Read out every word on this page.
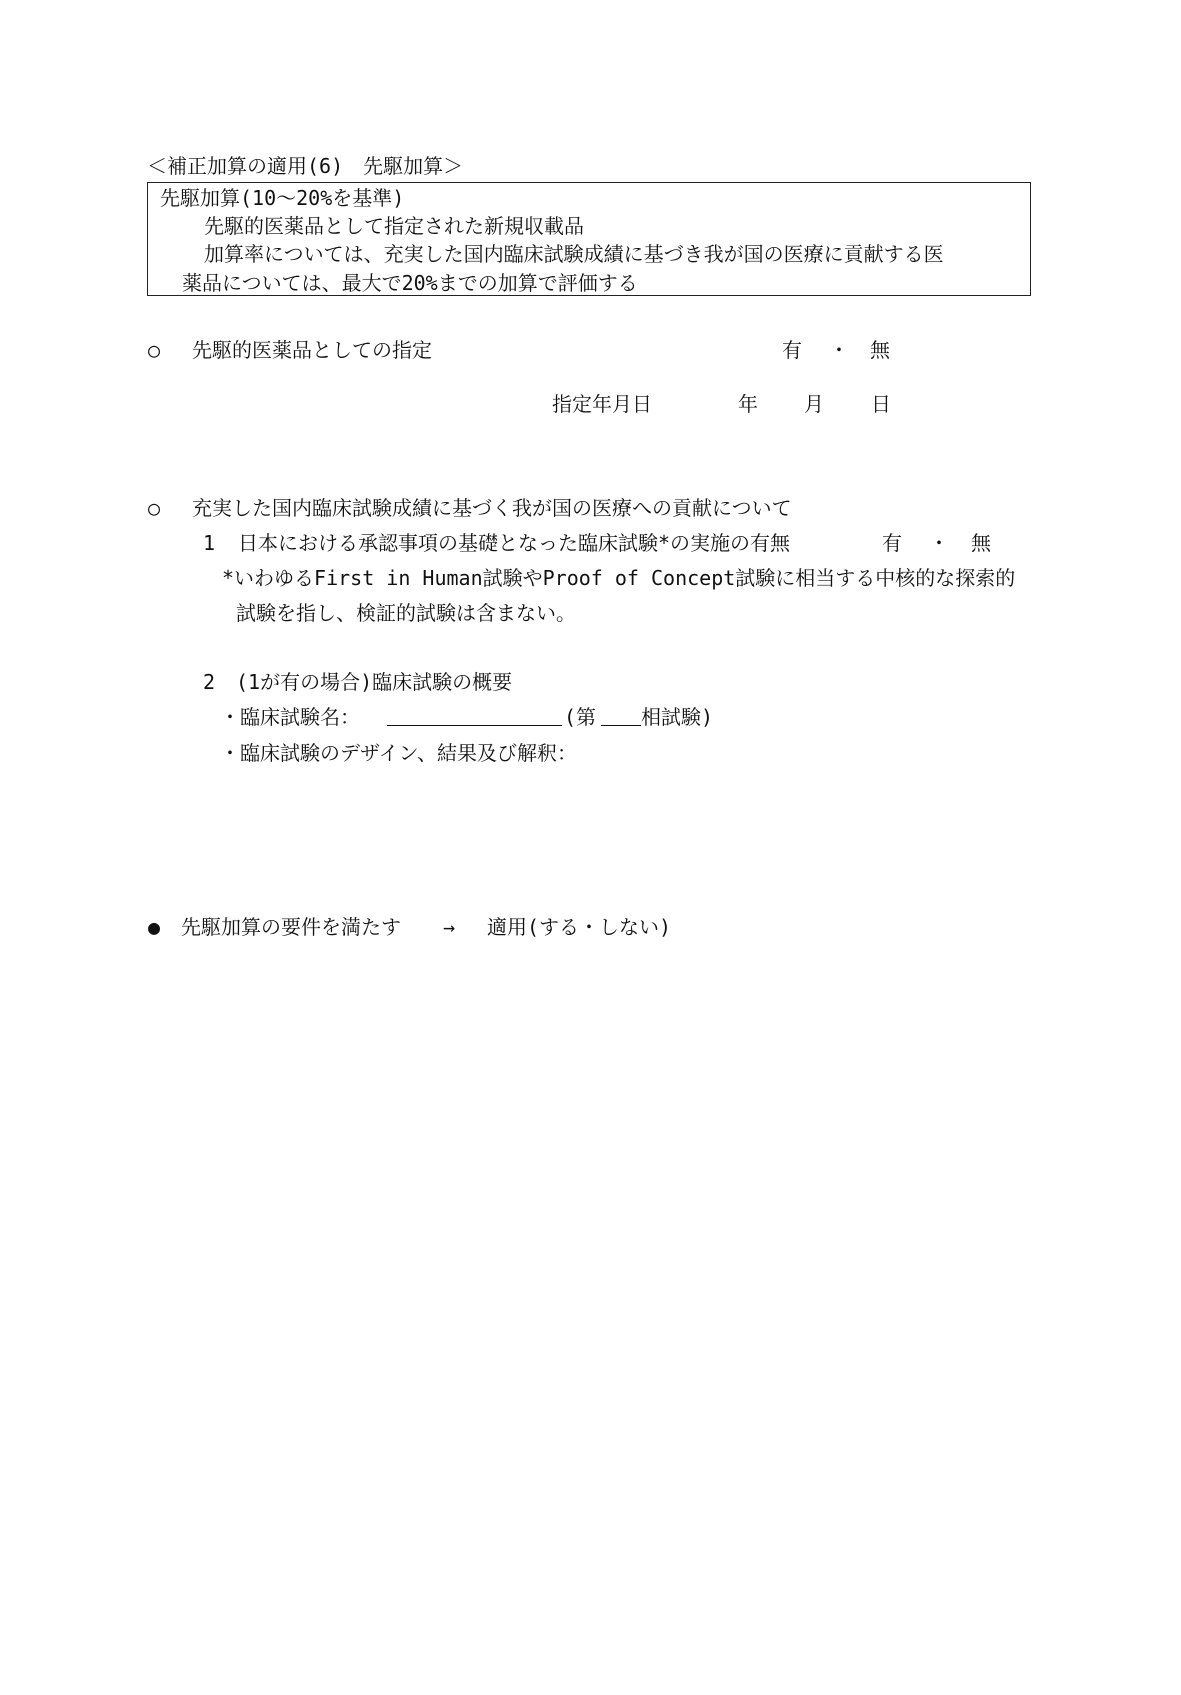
＜補正加算の適用(6)　先駆加算＞
先駆加算(10～20%を基準)
先駆的医薬品として指定された新規収載品
加算率については、充実した国内臨床試験成績に基づき我が国の医療に貢献する医
薬品については、最大で20%までの加算で評価する
○ 先駆的医薬品としての指定	有 ・ 無
指定年月日	年 月 日
○ 充実した国内臨床試験成績に基づく我が国の医療への貢献について
1 日本における承認事項の基礎となった臨床試験*の実施の有無	有 ・ 無
*いわゆるFirst in Human試験やProof of Concept試験に相当する中核的な探索的
試験を指し、検証的試験は含まない。
2 (1が有の場合)臨床試験の概要
・臨床試験名：	(第 相試験)
・臨床試験のデザイン、結果及び解釈：
● 先駆加算の要件を満たす → 適用(する・しない)
